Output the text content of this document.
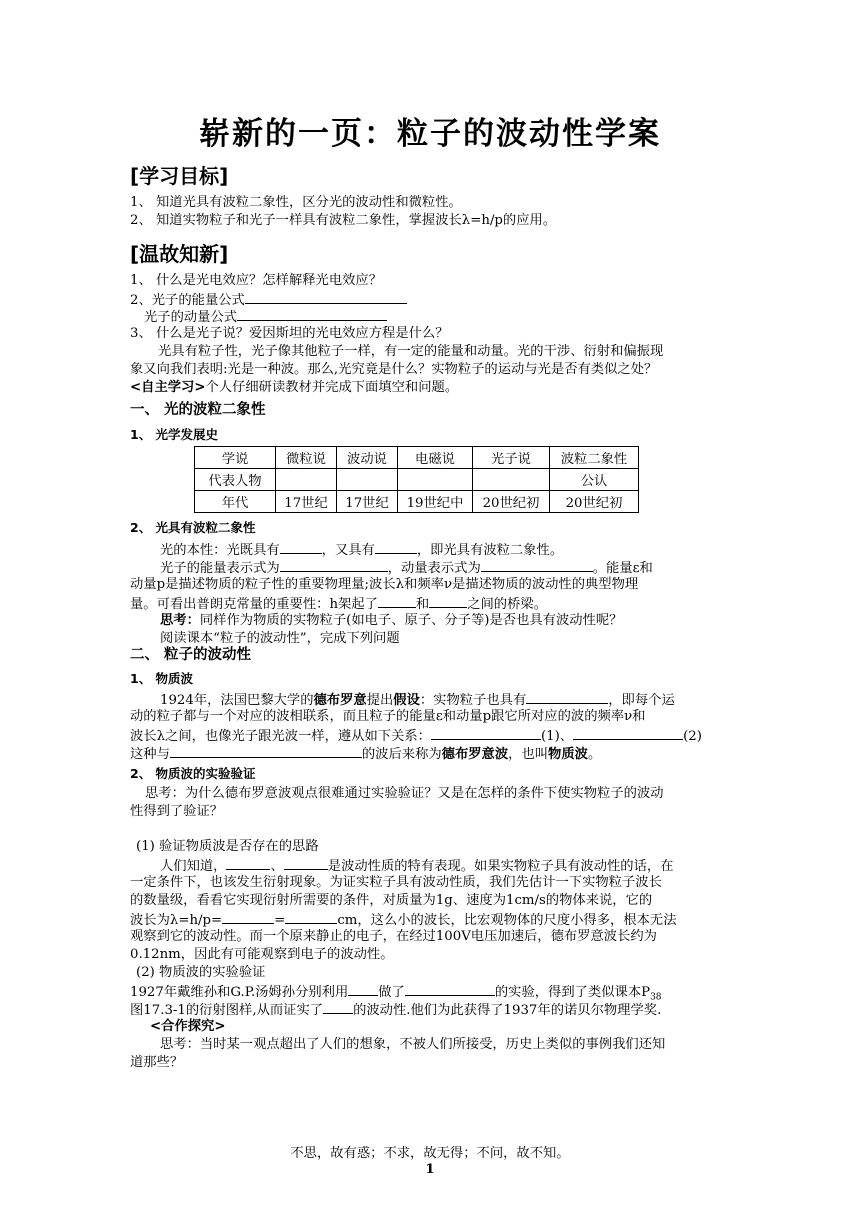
崭新的一页：粒子的波动性学案
[学习目标]
1、 知道光具有波粒二象性，区分光的波动性和微粒性。
2、 知道实物粒子和光子一样具有波粒二象性，掌握波长λ=h/p的应用。
[温故知新]
1、 什么是光电效应？怎样解释光电效应？
2、光子的能量公式
光子的动量公式
3、 什么是光子说？爱因斯坦的光电效应方程是什么？
光具有粒子性，光子像其他粒子一样，有一定的能量和动量。光的干涉、衍射和偏振现
象又向我们表明:光是一种波。那么,光究竟是什么？实物粒子的运动与光是否有类似之处？
<自主学习>个人仔细研读教材并完成下面填空和问题。
一、 光的波粒二象性
1、 光学发展史
学说	微粒说	波动说	电磁说	光子说	波粒二象性
代表人物					公认
年代	17世纪	17世纪	19世纪中	20世纪初	20世纪初
2、 光具有波粒二象性
光的本性：光既具有	，又具有	，即光具有波粒二象性。
光子的能量表示式为	，动量表示式为	。能量ε和
动量p是描述物质的粒子性的重要物理量;波长λ和频率ν是描述物质的波动性的典型物理
量。可看出普朗克常量的重要性：h架起了	和	之间的桥梁。
思考：同样作为物质的实物粒子(如电子、原子、分子等)是否也具有波动性呢？
阅读课本“粒子的波动性”，完成下列问题
二、 粒子的波动性
1、 物质波
1924年，法国巴黎大学的德布罗意提出假设：实物粒子也具有	，即每个运
动的粒子都与一个对应的波相联系，而且粒子的能量ε和动量p跟它所对应的波的频率ν和
波长λ之间，也像光子跟光波一样，遵从如下关系：	(1)、	(2)
这种与	的波后来称为德布罗意波，也叫物质波。
2、 物质波的实验验证
思考：为什么德布罗意波观点很难通过实验验证？又是在怎样的条件下使实物粒子的波动
性得到了验证？
(1) 验证物质波是否存在的思路
人们知道，	、	是波动性质的特有表现。如果实物粒子具有波动性的话，在
一定条件下，也该发生衍射现象。为证实粒子具有波动性质，我们先估计一下实物粒子波长
的数量级，看看它实现衍射所需要的条件，对质量为1g、速度为1cm/s的物体来说，它的
波长为λ=h/p=	=	cm，这么小的波长，比宏观物体的尺度小得多，根本无法
观察到它的波动性。而一个原来静止的电子，在经过100V电压加速后，德布罗意波长约为
0.12nm，因此有可能观察到电子的波动性。
(2) 物质波的实验验证
1927年戴维孙和G.P.汤姆孙分别利用 做了	的实验，得到了类似课本$P_{38}$
图17.3-1的衍射图样,从而证实了 的波动性.他们为此获得了1937年的诺贝尔物理学奖.
<合作探究>
思考：当时某一观点超出了人们的想象，不被人们所接受，历史上类似的事例我们还知
道那些？
不思，故有惑；不求，故无得；不问，故不知。
1
